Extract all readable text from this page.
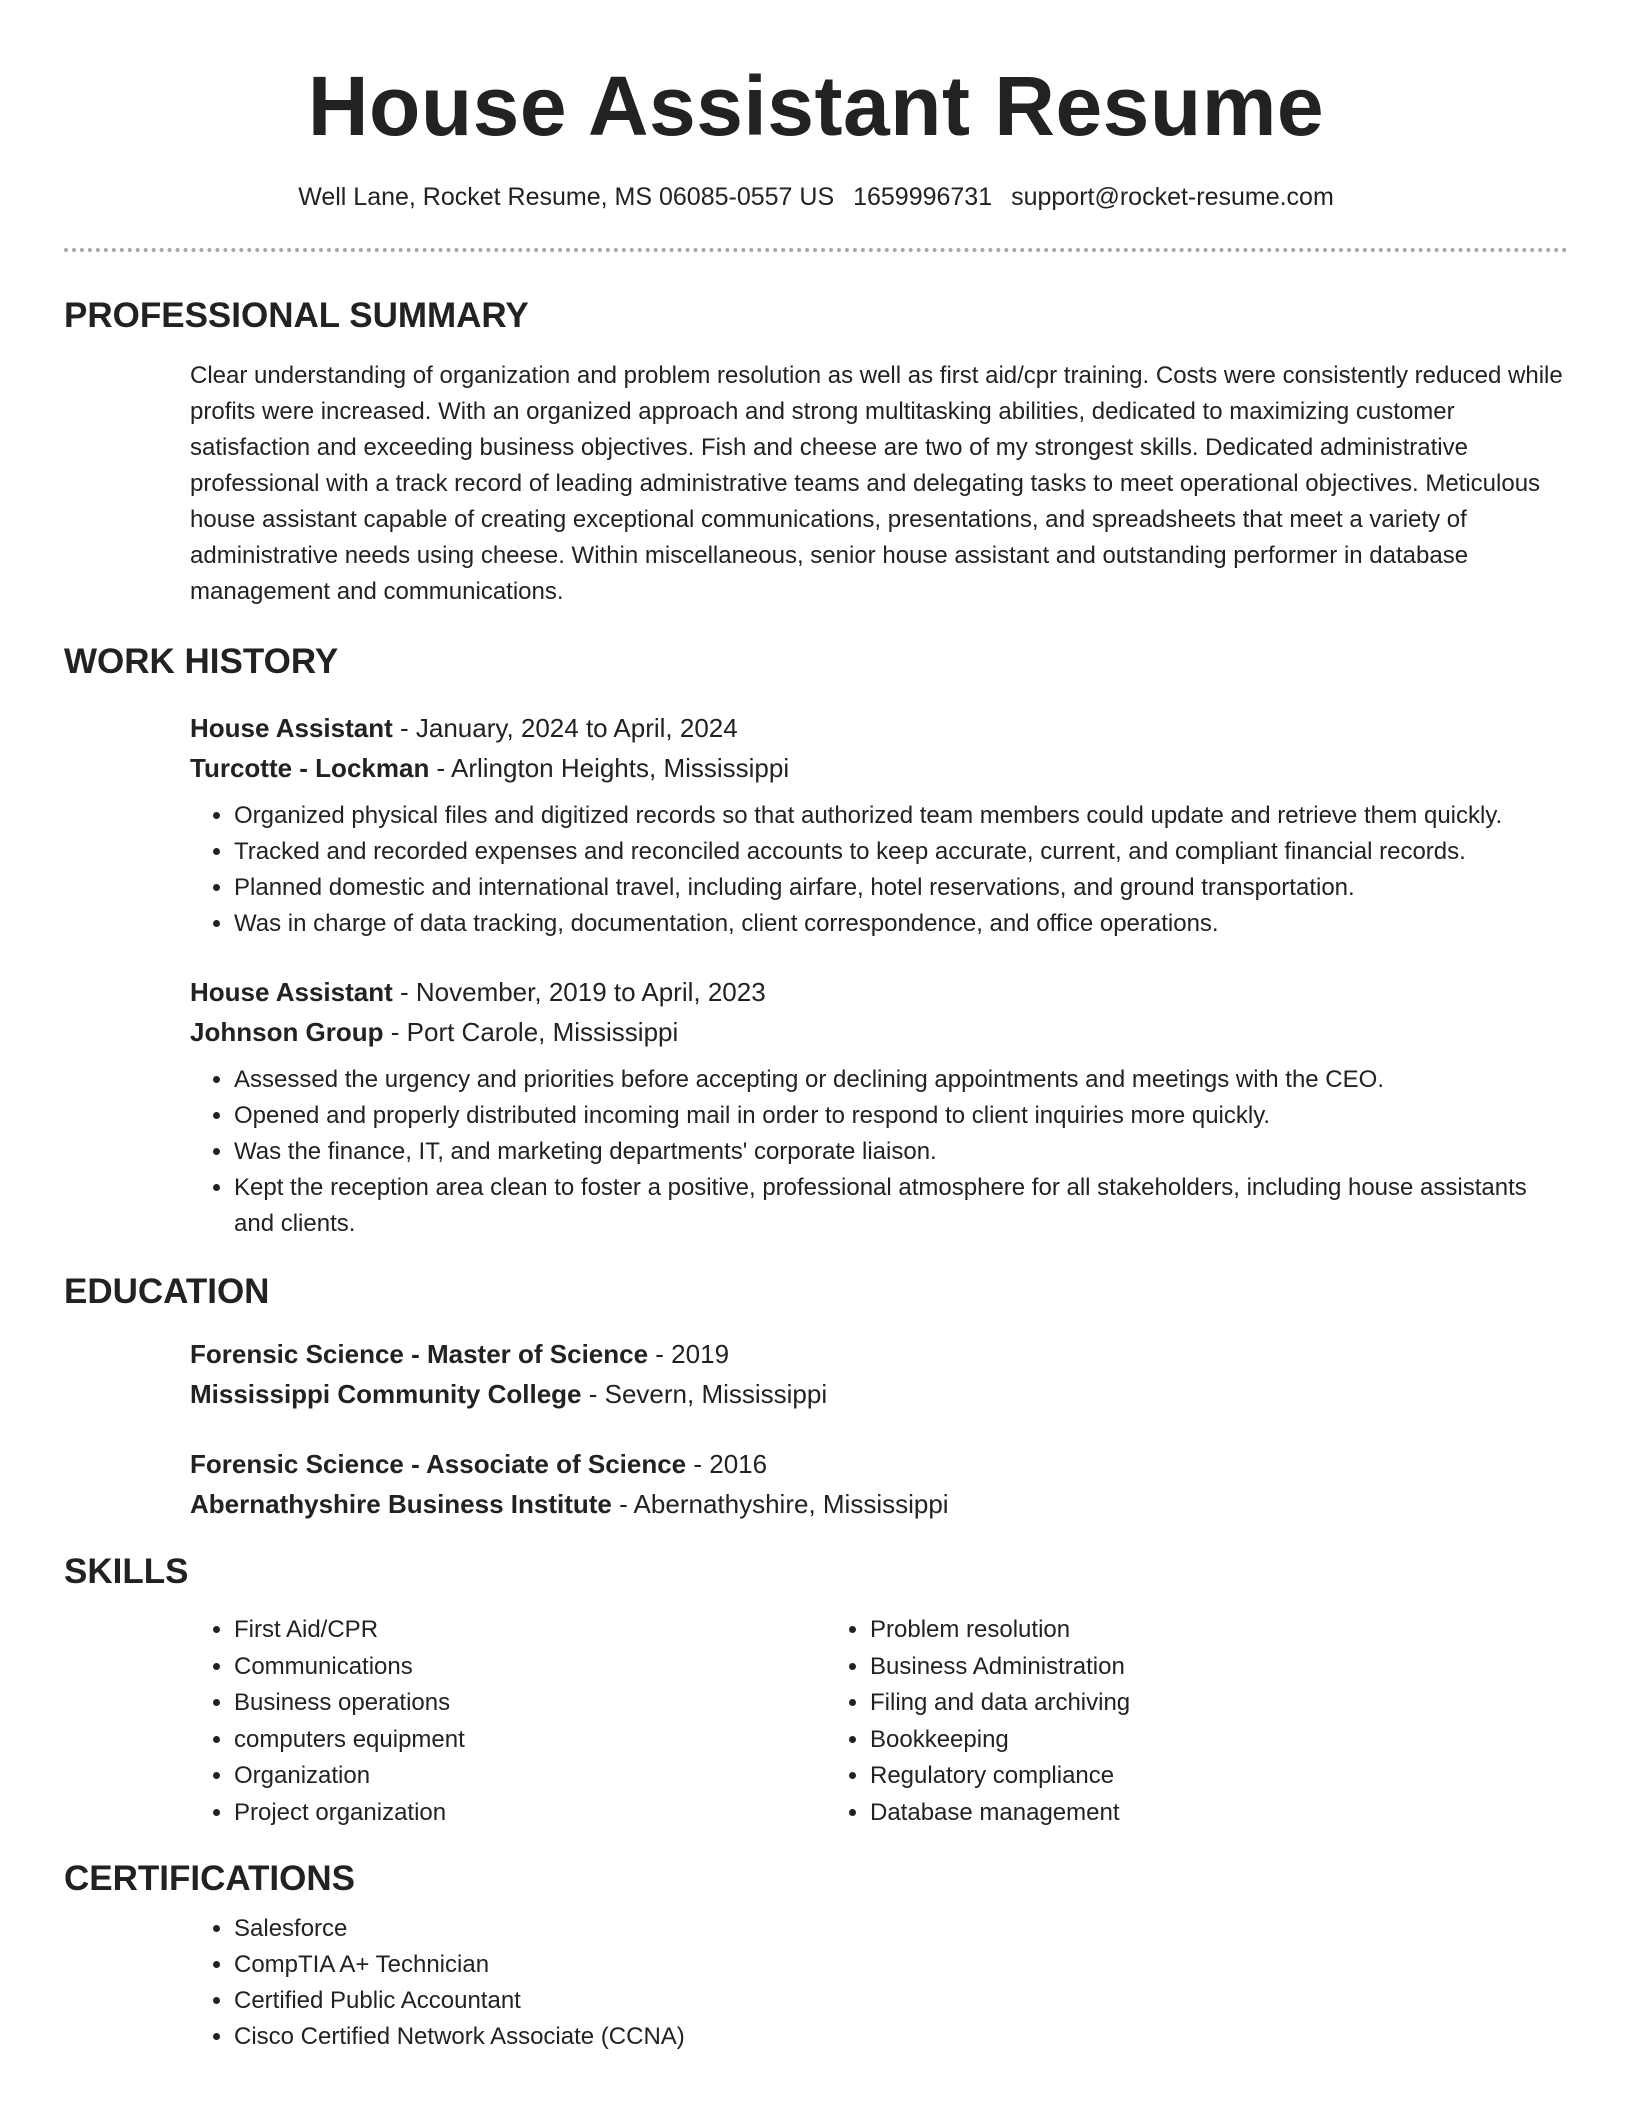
House Assistant Resume
Well Lane, Rocket Resume, MS 06085-0557 US 1659996731 support@rocket-resume.com
PROFESSIONAL SUMMARY
Clear understanding of organization and problem resolution as well as first aid/cpr training. Costs were consistently reduced while profits were increased. With an organized approach and strong multitasking abilities, dedicated to maximizing customer satisfaction and exceeding business objectives. Fish and cheese are two of my strongest skills. Dedicated administrative professional with a track record of leading administrative teams and delegating tasks to meet operational objectives. Meticulous house assistant capable of creating exceptional communications, presentations, and spreadsheets that meet a variety of administrative needs using cheese. Within miscellaneous, senior house assistant and outstanding performer in database management and communications.
WORK HISTORY
House Assistant - January, 2024 to April, 2024
Turcotte - Lockman - Arlington Heights, Mississippi
• Organized physical files and digitized records so that authorized team members could update and retrieve them quickly.
• Tracked and recorded expenses and reconciled accounts to keep accurate, current, and compliant financial records.
• Planned domestic and international travel, including airfare, hotel reservations, and ground transportation.
• Was in charge of data tracking, documentation, client correspondence, and office operations.
House Assistant - November, 2019 to April, 2023
Johnson Group - Port Carole, Mississippi
• Assessed the urgency and priorities before accepting or declining appointments and meetings with the CEO.
• Opened and properly distributed incoming mail in order to respond to client inquiries more quickly.
• Was the finance, IT, and marketing departments' corporate liaison.
• Kept the reception area clean to foster a positive, professional atmosphere for all stakeholders, including house assistants and clients.
EDUCATION
Forensic Science - Master of Science - 2019
Mississippi Community College - Severn, Mississippi
Forensic Science - Associate of Science - 2016
Abernathyshire Business Institute - Abernathyshire, Mississippi
SKILLS
• First Aid/CPR
• Communications
• Business operations
• computers equipment
• Organization
• Project organization
• Problem resolution
• Business Administration
• Filing and data archiving
• Bookkeeping
• Regulatory compliance
• Database management
CERTIFICATIONS
• Salesforce
• CompTIA A+ Technician
• Certified Public Accountant
• Cisco Certified Network Associate (CCNA)
